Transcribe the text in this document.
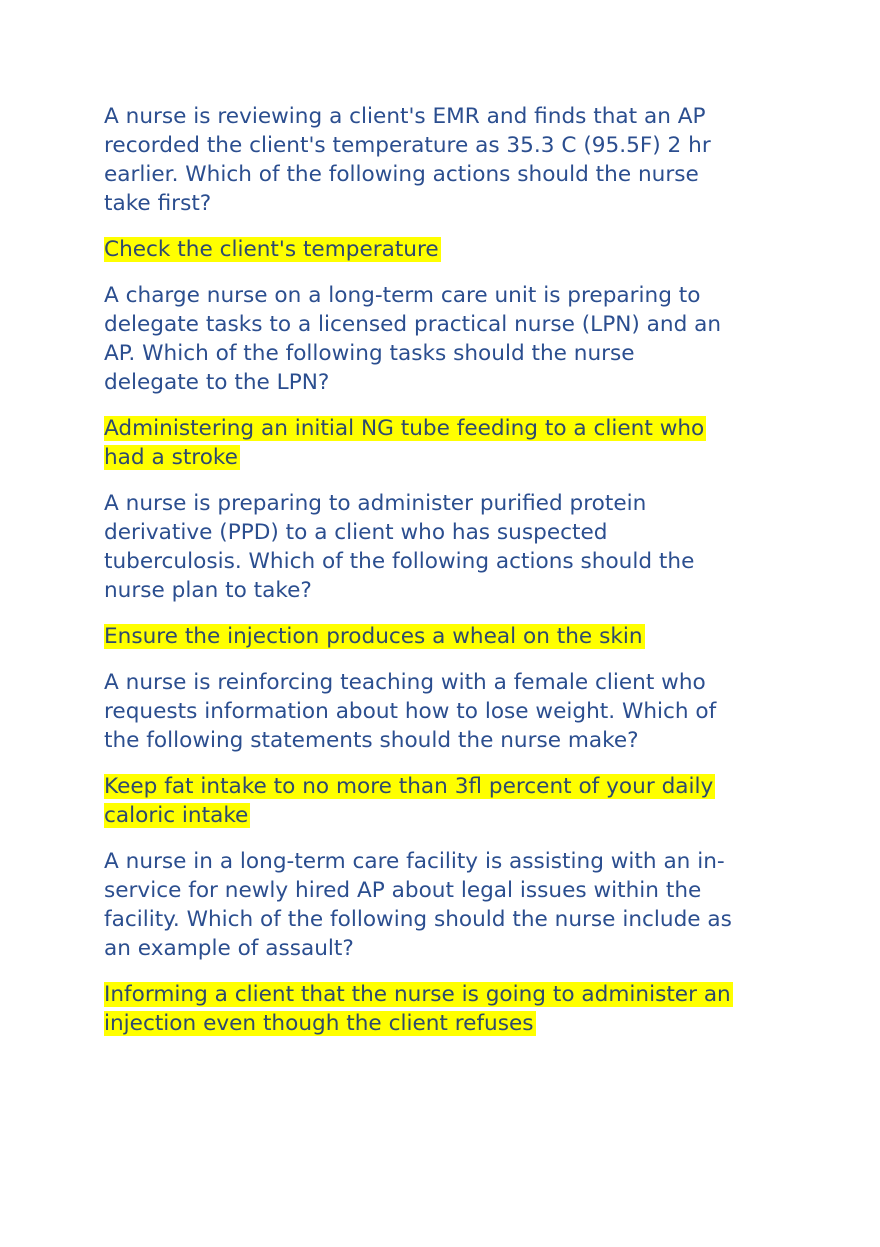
A nurse is reviewing a client's EMR and finds that an AP
recorded the client's temperature as 35.3 C (95.5F) 2 hr
earlier. Which of the following actions should the nurse
take first?
Check the client's temperature
A charge nurse on a long-term care unit is preparing to
delegate tasks to a licensed practical nurse (LPN) and an
AP. Which of the following tasks should the nurse
delegate to the LPN?
Administering an initial NG tube feeding to a client who
had a stroke
A nurse is preparing to administer purified protein
derivative (PPD) to a client who has suspected
tuberculosis. Which of the following actions should the
nurse plan to take?
Ensure the injection produces a wheal on the skin
A nurse is reinforcing teaching with a female client who
requests information about how to lose weight. Which of
the following statements should the nurse make?
Keep fat intake to no more than 3fl percent of your daily
caloric intake
A nurse in a long-term care facility is assisting with an in-
service for newly hired AP about legal issues within the
facility. Which of the following should the nurse include as
an example of assault?
Informing a client that the nurse is going to administer an
injection even though the client refuses
